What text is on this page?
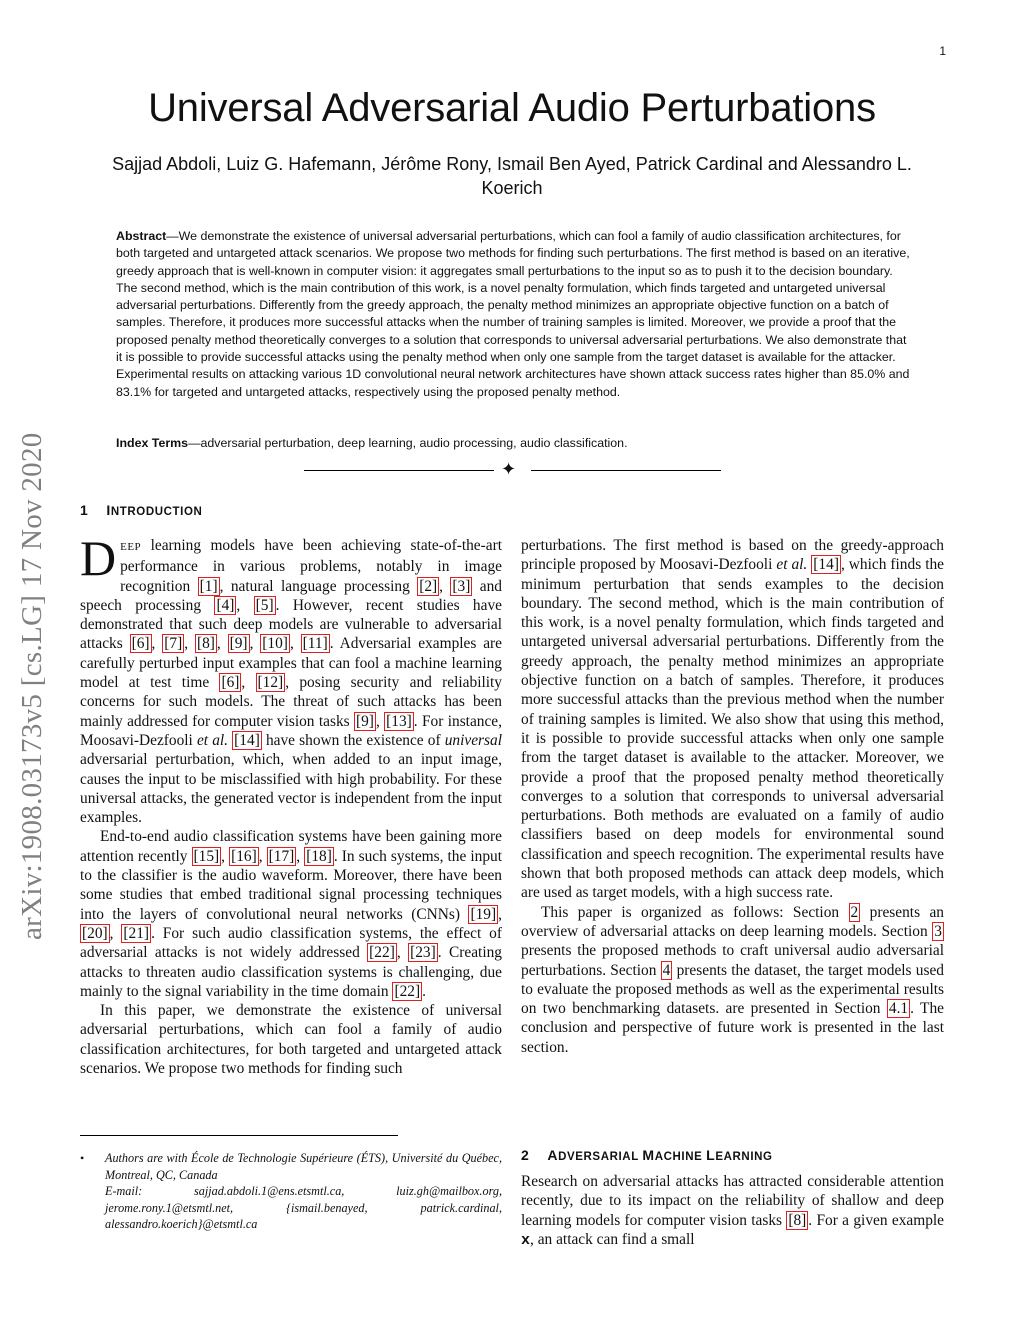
1
Universal Adversarial Audio Perturbations

Sajjad Abdoli, Luiz G. Hafemann, Jérôme Rony, Ismail Ben Ayed, Patrick Cardinal and Alessandro L. Koerich

Abstract—We demonstrate the existence of universal adversarial perturbations, which can fool a family of audio classification architectures, for both targeted and untargeted attack scenarios. We propose two methods for finding such perturbations. The first method is based on an iterative, greedy approach that is well-known in computer vision: it aggregates small perturbations to the input so as to push it to the decision boundary. The second method, which is the main contribution of this work, is a novel penalty formulation, which finds targeted and untargeted universal adversarial perturbations. Differently from the greedy approach, the penalty method minimizes an appropriate objective function on a batch of samples. Therefore, it produces more successful attacks when the number of training samples is limited. Moreover, we provide a proof that the proposed penalty method theoretically converges to a solution that corresponds to universal adversarial perturbations. We also demonstrate that it is possible to provide successful attacks using the penalty method when only one sample from the target dataset is available for the attacker. Experimental results on attacking various 1D convolutional neural network architectures have shown attack success rates higher than 85.0% and 83.1% for targeted and untargeted attacks, respectively using the proposed penalty method.

Index Terms—adversarial perturbation, deep learning, audio processing, audio classification.

✦
arXiv:1908.03173v5 [cs.LG] 17 Nov 2020 1 INTRODUCTION

DEEP learning models have been achieving state-of-the-art performance in various problems, notably in image recognition [1] , natural language processing [2] , [3] and speech processing [4] , [5] . However, recent studies have demonstrated that such deep models are vulnerable to adversarial attacks [6] , [7] , [8] , [9] , [10] , [11] . Adversarial examples are carefully perturbed input examples that can fool a machine learning model at test time [6] , [12] , posing security and reliability concerns for such models. The threat of such attacks has been mainly addressed for computer vision tasks [9] , [13] . For instance, Moosavi-Dezfooli et al. [14] have shown the existence of universal adversarial perturbation, which, when added to an input image, causes the input to be misclassified with high probability. For these universal attacks, the generated vector is independent from the input examples.

End-to-end audio classification systems have been gaining more attention recently [15] , [16] , [17] , [18] . In such systems, the input to the classifier is the audio waveform. Moreover, there have been some studies that embed traditional signal processing techniques into the layers of convolutional neural networks (CNNs) [19] , [20] , [21] . For such audio classification systems, the effect of adversarial attacks is not widely addressed [22] , [23] . Creating attacks to threaten audio classification systems is challenging, due mainly to the signal variability in the time domain [22] .

In this paper, we demonstrate the existence of universal adversarial perturbations, which can fool a family of audio classification architectures, for both targeted and untargeted attack scenarios. We propose two methods for finding such

perturbations. The first method is based on the greedy-approach principle proposed by Moosavi-Dezfooli et al. [14] , which finds the minimum perturbation that sends examples to the decision boundary. The second method, which is the main contribution of this work, is a novel penalty formulation, which finds targeted and untargeted universal adversarial perturbations. Differently from the greedy approach, the penalty method minimizes an appropriate objective function on a batch of samples. Therefore, it produces more successful attacks than the previous method when the number of training samples is limited. We also show that using this method, it is possible to provide successful attacks when only one sample from the target dataset is available to the attacker. Moreover, we provide a proof that the proposed penalty method theoretically converges to a solution that corresponds to universal adversarial perturbations. Both methods are evaluated on a family of audio classifiers based on deep models for environmental sound classification and speech recognition. The experimental results have shown that both proposed methods can attack deep models, which are used as target models, with a high success rate.

This paper is organized as follows: Section 2 presents an overview of adversarial attacks on deep learning models. Section 3 presents the proposed methods to craft universal audio adversarial perturbations. Section 4 presents the dataset, the target models used to evaluate the proposed methods as well as the experimental results on two benchmarking datasets. are presented in Section 4.1 . The conclusion and perspective of future work is presented in the last section.

2 ADVERSARIAL MACHINE LEARNING

Research on adversarial attacks has attracted considerable attention recently, due to its impact on the reliability of shallow and deep learning models for computer vision tasks [8] . For a given example x, an attack can find a small

• Authors are with École de Technologie Supérieure (ÉTS), Université du Québec, Montreal, QC, Canada
E-mail: sajjad.abdoli.1@ens.etsmtl.ca, luiz.gh@mailbox.org, jerome.rony.1@etsmtl.net, {ismail.benayed, patrick.cardinal, alessandro.koerich}@etsmtl.ca
